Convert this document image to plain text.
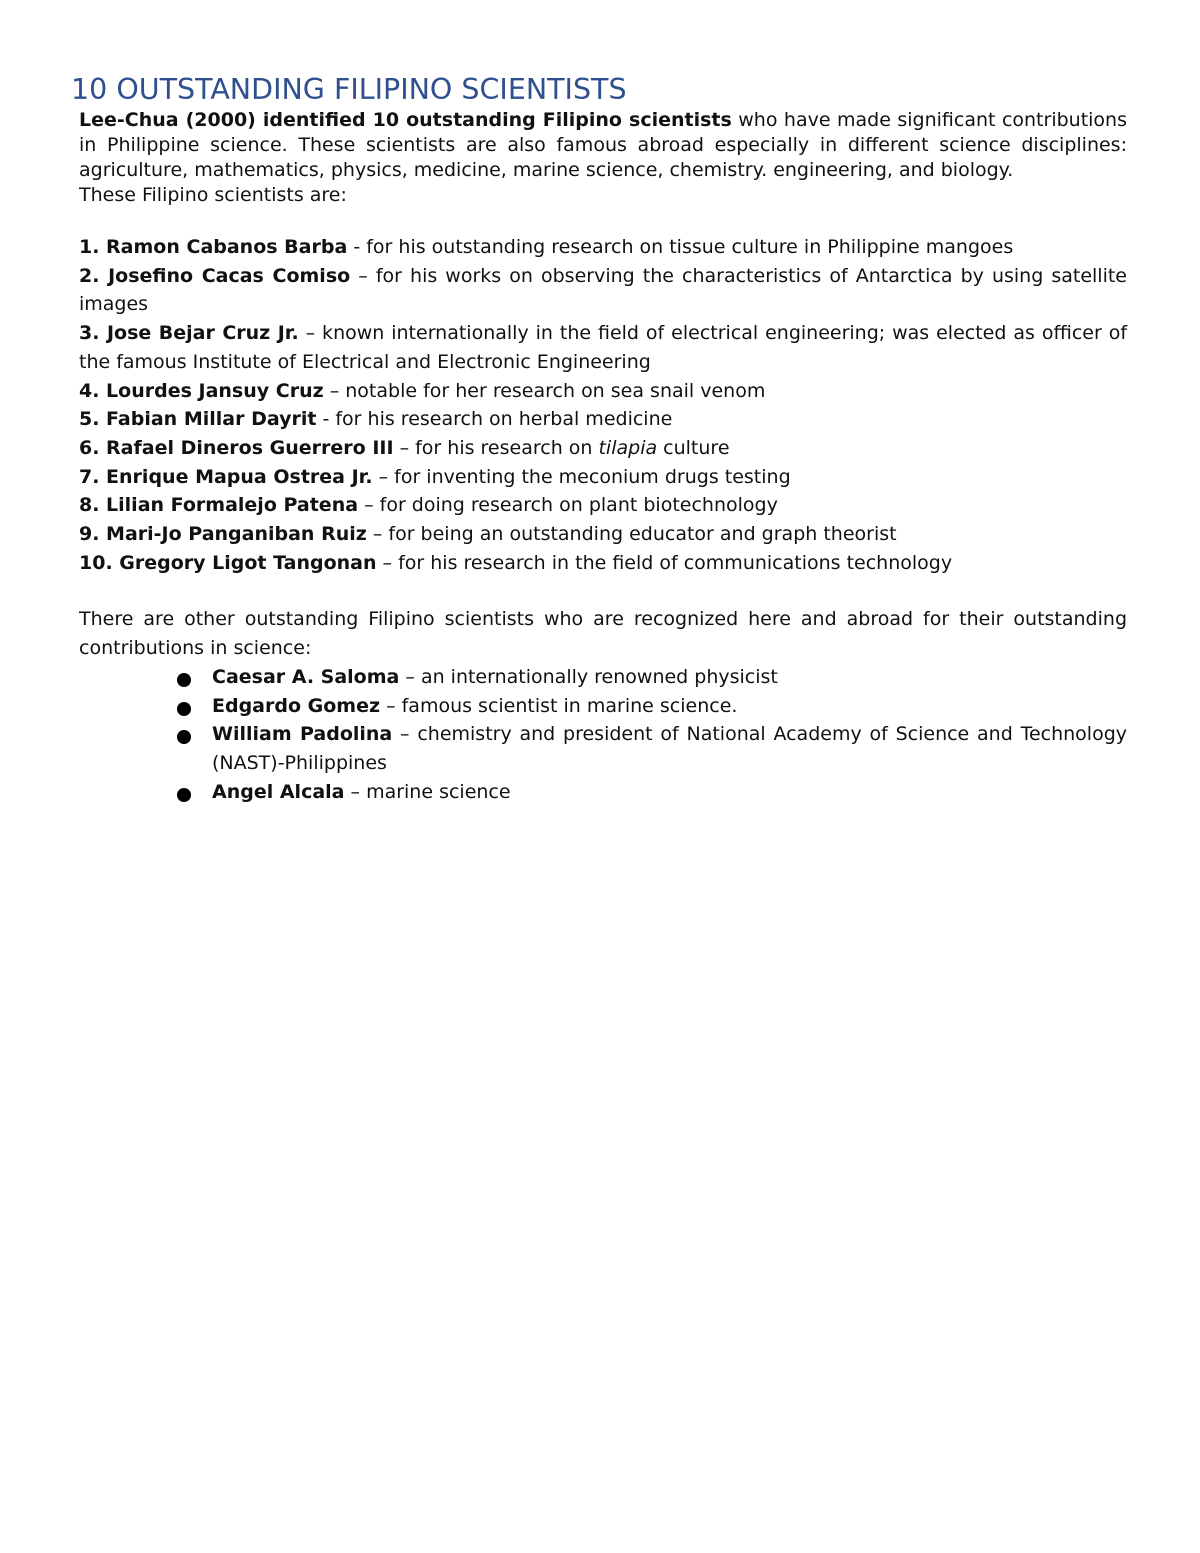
10 OUTSTANDING FILIPINO SCIENTISTS

Lee-Chua (2000) identified 10 outstanding Filipino scientists who have made significant contributions in Philippine science. These scientists are also famous abroad especially in different science disciplines: agriculture, mathematics, physics, medicine, marine science, chemistry. engineering, and biology.

These Filipino scientists are:

1. Ramon Cabanos Barba - for his outstanding research on tissue culture in Philippine mangoes
2. Josefino Cacas Comiso – for his works on observing the characteristics of Antarctica by using satellite images
3. Jose Bejar Cruz Jr. – known internationally in the field of electrical engineering; was elected as officer of the famous Institute of Electrical and Electronic Engineering
4. Lourdes Jansuy Cruz – notable for her research on sea snail venom
5. Fabian Millar Dayrit - for his research on herbal medicine
6. Rafael Dineros Guerrero III – for his research on tilapia culture
7. Enrique Mapua Ostrea Jr. – for inventing the meconium drugs testing
8. Lilian Formalejo Patena – for doing research on plant biotechnology
9. Mari-Jo Panganiban Ruiz – for being an outstanding educator and graph theorist
10. Gregory Ligot Tangonan – for his research in the field of communications technology

There are other outstanding Filipino scientists who are recognized here and abroad for their outstanding contributions in science:

Caesar A. Saloma – an internationally renowned physicist
Edgardo Gomez – famous scientist in marine science.
William Padolina – chemistry and president of National Academy of Science and Technology (NAST)-Philippines
Angel Alcala – marine science
